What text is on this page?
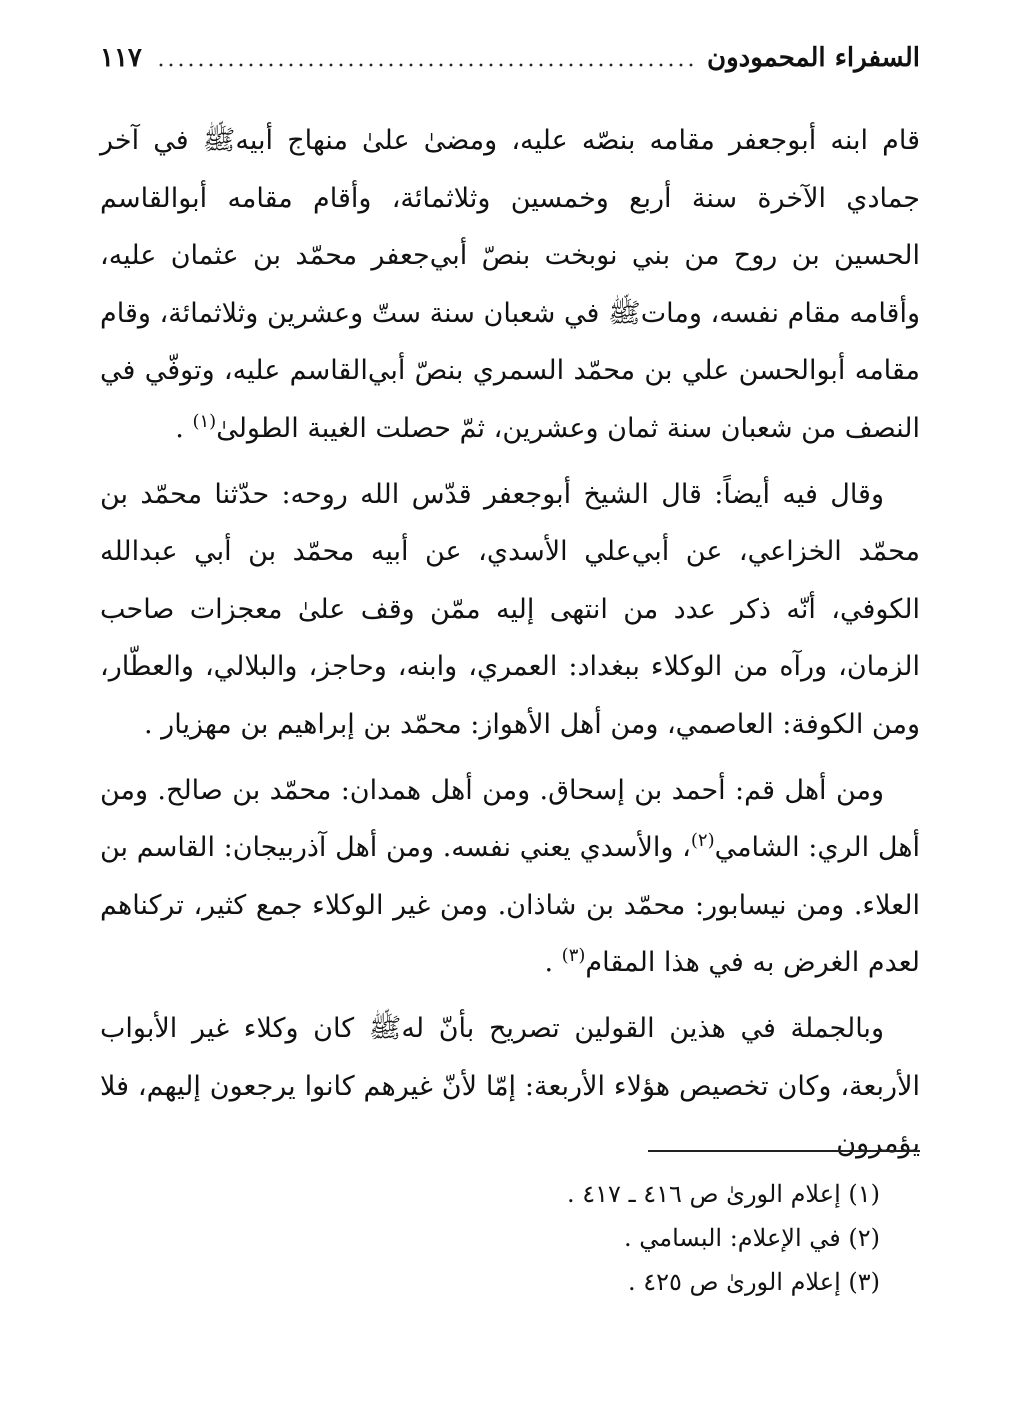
السفراء المحمودون
١١٧

قام ابنه أبوجعفر مقامه بنصّه عليه، ومضىٰ علىٰ منهاج أبيهﷺ في آخر جمادي الآخرة سنة أربع وخمسين وثلاثمائة، وأقام مقامه أبوالقاسم الحسين بن روح من بني نوبخت بنصّ أبي‌جعفر محمّد بن عثمان عليه، وأقامه مقام نفسه، وماتﷺ في شعبان سنة ستّ وعشرين وثلاثمائة، وقام مقامه أبوالحسن علي بن محمّد السمري بنصّ أبي‌القاسم عليه، وتوفّي في النصف من شعبان سنة ثمان وعشرين، ثمّ حصلت الغيبة الطولىٰ$^{(١)}$ .

وقال فيه أيضاً: قال الشيخ أبوجعفر قدّس الله روحه: حدّثنا محمّد بن محمّد الخزاعي، عن أبي‌علي الأسدي، عن أبيه محمّد بن أبي عبدالله الكوفي، أنّه ذكر عدد من انتهى إليه ممّن وقف علىٰ معجزات صاحب الزمان، ورآه من الوكلاء ببغداد: العمري، وابنه، وحاجز، والبلالي، والعطّار، ومن الكوفة: العاصمي، ومن أهل الأهواز: محمّد بن إبراهيم بن مهزيار .

ومن أهل قم: أحمد بن إسحاق. ومن أهل همدان: محمّد بن صالح. ومن أهل الري: الشامي$^{(٢)}$، والأسدي يعني نفسه. ومن أهل آذربيجان: القاسم بن العلاء. ومن نيسابور: محمّد بن شاذان. ومن غير الوكلاء جمع كثير، تركناهم لعدم الغرض به في هذا المقام$^{(٣)}$ .

وبالجملة في هذين القولين تصريح بأنّ لهﷺ كان وكلاء غير الأبواب الأربعة، وكان تخصيص هؤلاء الأربعة: إمّا لأنّ غيرهم كانوا يرجعون إليهم، فلا يؤمرون

(١) إعلام الورىٰ ص ٤١٦ ـ ٤١٧ .
(٢) في الإعلام: البسامي .
(٣) إعلام الورىٰ ص ٤٢٥ .
